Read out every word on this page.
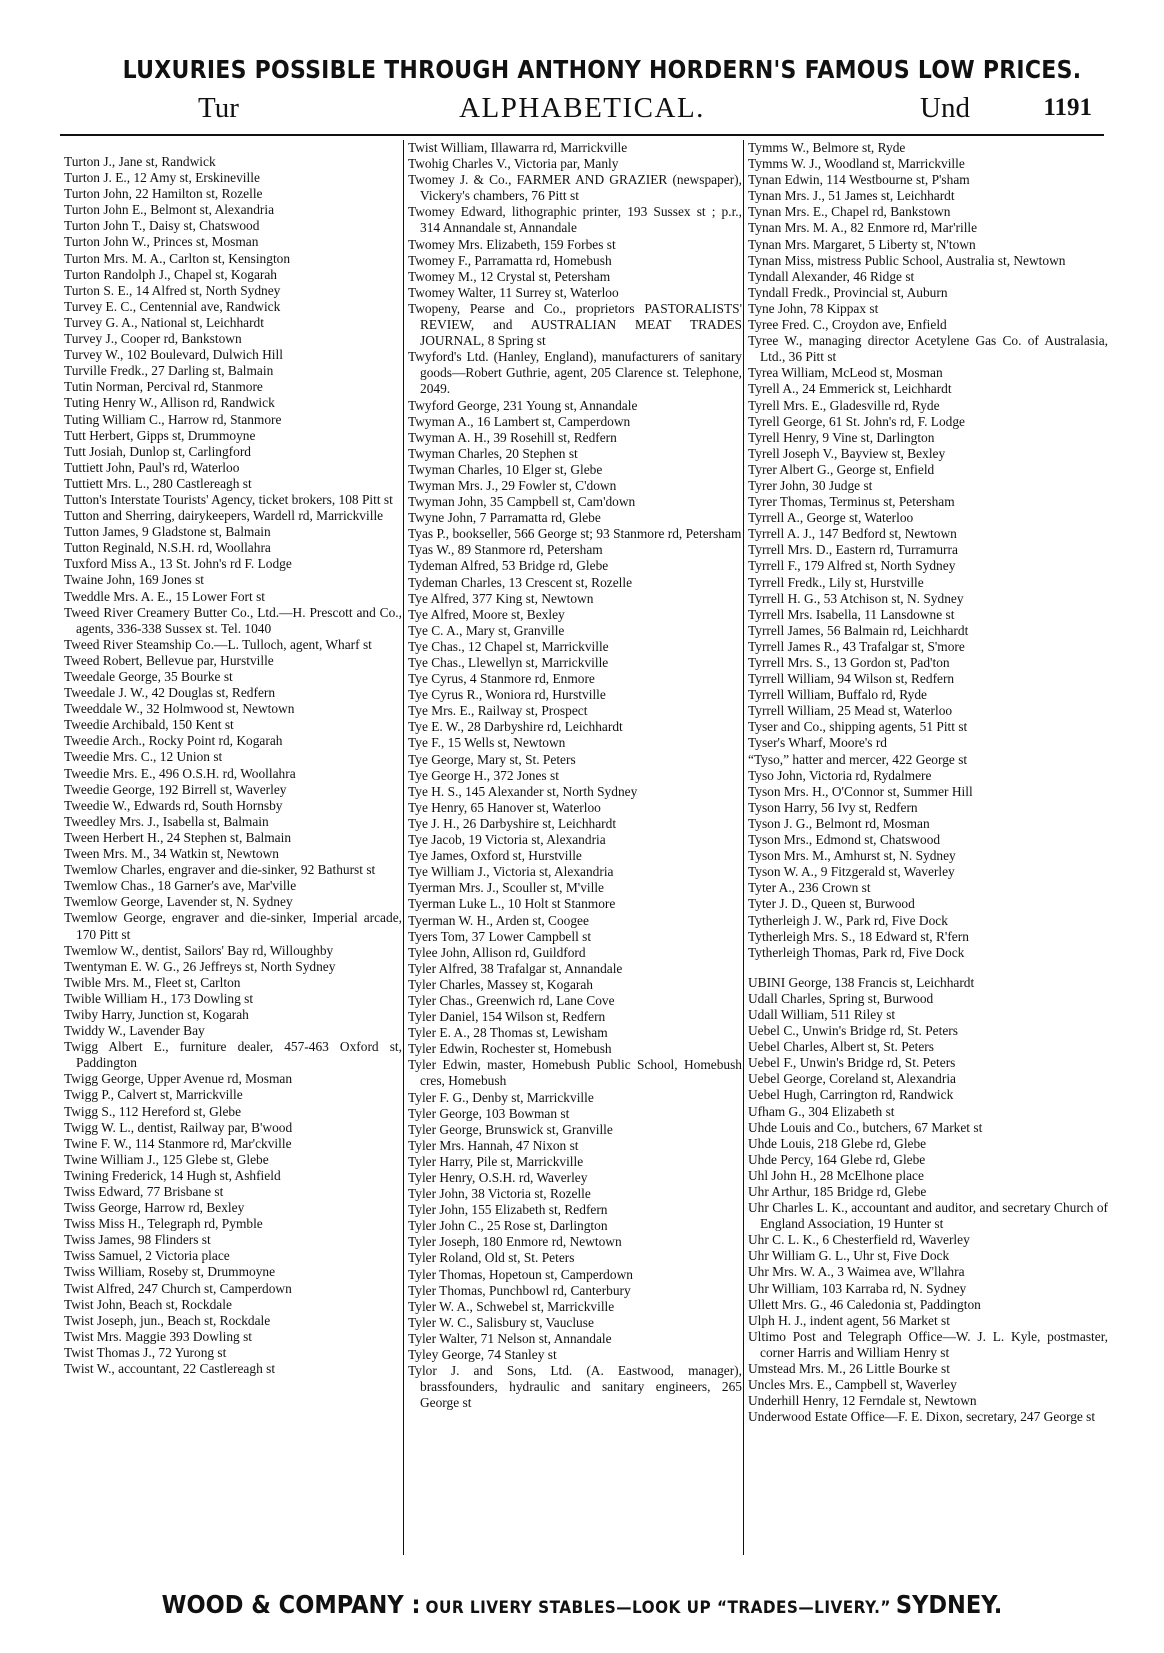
LUXURIES POSSIBLE THROUGH ANTHONY HORDERN'S FAMOUS LOW PRICES.
Tur	ALPHABETICAL.	Und	1191
Turton J., Jane st, Randwick
Turton J. E., 12 Amy st, Erskineville
Turton John, 22 Hamilton st, Rozelle
Turton John E., Belmont st, Alexandria
Turton John T., Daisy st, Chatswood
Turton John W., Princes st, Mosman
Turton Mrs. M. A., Carlton st, Kensington
Turton Randolph J., Chapel st, Kogarah
Turton S. E., 14 Alfred st, North Sydney
Turvey E. C., Centennial ave, Randwick
Turvey G. A., National st, Leichhardt
Turvey J., Cooper rd, Bankstown
Turvey W., 102 Boulevard, Dulwich Hill
Turville Fredk., 27 Darling st, Balmain
Tutin Norman, Percival rd, Stanmore
Tuting Henry W., Allison rd, Randwick
Tuting William C., Harrow rd, Stanmore
Tutt Herbert, Gipps st, Drummoyne
Tutt Josiah, Dunlop st, Carlingford
Tuttiett John, Paul's rd, Waterloo
Tuttiett Mrs. L., 280 Castlereagh st
Tutton's Interstate Tourists' Agency, ticket brokers, 108 Pitt st
Tutton and Sherring, dairykeepers, Wardell rd, Marrickville
Tutton James, 9 Gladstone st, Balmain
Tutton Reginald, N.S.H. rd, Woollahra
Tuxford Miss A., 13 St. John's rd F. Lodge
Twaine John, 169 Jones st
Tweddle Mrs. A. E., 15 Lower Fort st
Tweed River Creamery Butter Co., Ltd.—H. Prescott and Co., agents, 336-338 Sussex st. Tel. 1040
Tweed River Steamship Co.—L. Tulloch, agent, Wharf st
Tweed Robert, Bellevue par, Hurstville
Tweedale George, 35 Bourke st
Tweedale J. W., 42 Douglas st, Redfern
Tweeddale W., 32 Holmwood st, Newtown
Tweedie Archibald, 150 Kent st
Tweedie Arch., Rocky Point rd, Kogarah
Tweedie Mrs. C., 12 Union st
Tweedie Mrs. E., 496 O.S.H. rd, Woollahra
Tweedie George, 192 Birrell st, Waverley
Tweedie W., Edwards rd, South Hornsby
Tweedley Mrs. J., Isabella st, Balmain
Tween Herbert H., 24 Stephen st, Balmain
Tween Mrs. M., 34 Watkin st, Newtown
Twemlow Charles, engraver and die-sinker, 92 Bathurst st
Twemlow Chas., 18 Garner's ave, Mar'ville
Twemlow George, Lavender st, N. Sydney
Twemlow George, engraver and die-sinker, Imperial arcade, 170 Pitt st
Twemlow W., dentist, Sailors' Bay rd, Willoughby
Twentyman E. W. G., 26 Jeffreys st, North Sydney
Twible Mrs. M., Fleet st, Carlton
Twible William H., 173 Dowling st
Twiby Harry, Junction st, Kogarah
Twiddy W., Lavender Bay
Twigg Albert E., furniture dealer, 457-463 Oxford st, Paddington
Twigg George, Upper Avenue rd, Mosman
Twigg P., Calvert st, Marrickville
Twigg S., 112 Hereford st, Glebe
Twigg W. L., dentist, Railway par, B'wood
Twine F. W., 114 Stanmore rd, Mar'ckville
Twine William J., 125 Glebe st, Glebe
Twining Frederick, 14 Hugh st, Ashfield
Twiss Edward, 77 Brisbane st
Twiss George, Harrow rd, Bexley
Twiss Miss H., Telegraph rd, Pymble
Twiss James, 98 Flinders st
Twiss Samuel, 2 Victoria place
Twiss William, Roseby st, Drummoyne
Twist Alfred, 247 Church st, Camperdown
Twist John, Beach st, Rockdale
Twist Joseph, jun., Beach st, Rockdale
Twist Mrs. Maggie 393 Dowling st
Twist Thomas J., 72 Yurong st
Twist W., accountant, 22 Castlereagh st
Twist William, Illawarra rd, Marrickville
Twohig Charles V., Victoria par, Manly
Twomey J. & Co., FARMER AND GRAZIER (newspaper), Vickery's chambers, 76 Pitt st
Twomey Edward, lithographic printer, 193 Sussex st ; p.r., 314 Annandale st, Annandale
Twomey Mrs. Elizabeth, 159 Forbes st
Twomey F., Parramatta rd, Homebush
Twomey M., 12 Crystal st, Petersham
Twomey Walter, 11 Surrey st, Waterloo
Twopeny, Pearse and Co., proprietors PASTORALISTS' REVIEW, and AUSTRALIAN MEAT TRADES JOURNAL, 8 Spring st
Twyford's Ltd. (Hanley, England), manufacturers of sanitary goods—Robert Guthrie, agent, 205 Clarence st. Telephone, 2049.
Twyford George, 231 Young st, Annandale
Twyman A., 16 Lambert st, Camperdown
Twyman A. H., 39 Rosehill st, Redfern
Twyman Charles, 20 Stephen st
Twyman Charles, 10 Elger st, Glebe
Twyman Mrs. J., 29 Fowler st, C'down
Twyman John, 35 Campbell st, Cam'down
Twyne John, 7 Parramatta rd, Glebe
Tyas P., bookseller, 566 George st; 93 Stanmore rd, Petersham
Tyas W., 89 Stanmore rd, Petersham
Tydeman Alfred, 53 Bridge rd, Glebe
Tydeman Charles, 13 Crescent st, Rozelle
Tye Alfred, 377 King st, Newtown
Tye Alfred, Moore st, Bexley
Tye C. A., Mary st, Granville
Tye Chas., 12 Chapel st, Marrickville
Tye Chas., Llewellyn st, Marrickville
Tye Cyrus, 4 Stanmore rd, Enmore
Tye Cyrus R., Woniora rd, Hurstville
Tye Mrs. E., Railway st, Prospect
Tye E. W., 28 Darbyshire rd, Leichhardt
Tye F., 15 Wells st, Newtown
Tye George, Mary st, St. Peters
Tye George H., 372 Jones st
Tye H. S., 145 Alexander st, North Sydney
Tye Henry, 65 Hanover st, Waterloo
Tye J. H., 26 Darbyshire st, Leichhardt
Tye Jacob, 19 Victoria st, Alexandria
Tye James, Oxford st, Hurstville
Tye William J., Victoria st, Alexandria
Tyerman Mrs. J., Scouller st, M'ville
Tyerman Luke L., 10 Holt st Stanmore
Tyerman W. H., Arden st, Coogee
Tyers Tom, 37 Lower Campbell st
Tylee John, Allison rd, Guildford
Tyler Alfred, 38 Trafalgar st, Annandale
Tyler Charles, Massey st, Kogarah
Tyler Chas., Greenwich rd, Lane Cove
Tyler Daniel, 154 Wilson st, Redfern
Tyler E. A., 28 Thomas st, Lewisham
Tyler Edwin, Rochester st, Homebush
Tyler Edwin, master, Homebush Public School, Homebush cres, Homebush
Tyler F. G., Denby st, Marrickville
Tyler George, 103 Bowman st
Tyler George, Brunswick st, Granville
Tyler Mrs. Hannah, 47 Nixon st
Tyler Harry, Pile st, Marrickville
Tyler Henry, O.S.H. rd, Waverley
Tyler John, 38 Victoria st, Rozelle
Tyler John, 155 Elizabeth st, Redfern
Tyler John C., 25 Rose st, Darlington
Tyler Joseph, 180 Enmore rd, Newtown
Tyler Roland, Old st, St. Peters
Tyler Thomas, Hopetoun st, Camperdown
Tyler Thomas, Punchbowl rd, Canterbury
Tyler W. A., Schwebel st, Marrickville
Tyler W. C., Salisbury st, Vaucluse
Tyler Walter, 71 Nelson st, Annandale
Tyley George, 74 Stanley st
Tylor J. and Sons, Ltd. (A. Eastwood, manager), brassfounders, hydraulic and sanitary engineers, 265 George st
Tymms W., Belmore st, Ryde
Tymms W. J., Woodland st, Marrickville
Tynan Edwin, 114 Westbourne st, P'sham
Tynan Mrs. J., 51 James st, Leichhardt
Tynan Mrs. E., Chapel rd, Bankstown
Tynan Mrs. M. A., 82 Enmore rd, Mar'rille
Tynan Mrs. Margaret, 5 Liberty st, N'town
Tynan Miss, mistress Public School, Australia st, Newtown
Tyndall Alexander, 46 Ridge st
Tyndall Fredk., Provincial st, Auburn
Tyne John, 78 Kippax st
Tyree Fred. C., Croydon ave, Enfield
Tyree W., managing director Acetylene Gas Co. of Australasia, Ltd., 36 Pitt st
Tyrea William, McLeod st, Mosman
Tyrell A., 24 Emmerick st, Leichhardt
Tyrell Mrs. E., Gladesville rd, Ryde
Tyrell George, 61 St. John's rd, F. Lodge
Tyrell Henry, 9 Vine st, Darlington
Tyrell Joseph V., Bayview st, Bexley
Tyrer Albert G., George st, Enfield
Tyrer John, 30 Judge st
Tyrer Thomas, Terminus st, Petersham
Tyrrell A., George st, Waterloo
Tyrrell A. J., 147 Bedford st, Newtown
Tyrrell Mrs. D., Eastern rd, Turramurra
Tyrrell F., 179 Alfred st, North Sydney
Tyrrell Fredk., Lily st, Hurstville
Tyrrell H. G., 53 Atchison st, N. Sydney
Tyrrell Mrs. Isabella, 11 Lansdowne st
Tyrrell James, 56 Balmain rd, Leichhardt
Tyrrell James R., 43 Trafalgar st, S'more
Tyrrell Mrs. S., 13 Gordon st, Pad'ton
Tyrrell William, 94 Wilson st, Redfern
Tyrrell William, Buffalo rd, Ryde
Tyrrell William, 25 Mead st, Waterloo
Tyser and Co., shipping agents, 51 Pitt st
Tyser's Wharf, Moore's rd
“Tyso,” hatter and mercer, 422 George st
Tyso John, Victoria rd, Rydalmere
Tyson Mrs. H., O'Connor st, Summer Hill
Tyson Harry, 56 Ivy st, Redfern
Tyson J. G., Belmont rd, Mosman
Tyson Mrs., Edmond st, Chatswood
Tyson Mrs. M., Amhurst st, N. Sydney
Tyson W. A., 9 Fitzgerald st, Waverley
Tyter A., 236 Crown st
Tyter J. D., Queen st, Burwood
Tytherleigh J. W., Park rd, Five Dock
Tytherleigh Mrs. S., 18 Edward st, R'fern
Tytherleigh Thomas, Park rd, Five Dock
UBINI George, 138 Francis st, Leichhardt
Udall Charles, Spring st, Burwood
Udall William, 511 Riley st
Uebel C., Unwin's Bridge rd, St. Peters
Uebel Charles, Albert st, St. Peters
Uebel F., Unwin's Bridge rd, St. Peters
Uebel George, Coreland st, Alexandria
Uebel Hugh, Carrington rd, Randwick
Ufham G., 304 Elizabeth st
Uhde Louis and Co., butchers, 67 Market st
Uhde Louis, 218 Glebe rd, Glebe
Uhde Percy, 164 Glebe rd, Glebe
Uhl John H., 28 McElhone place
Uhr Arthur, 185 Bridge rd, Glebe
Uhr Charles L. K., accountant and auditor, and secretary Church of England Association, 19 Hunter st
Uhr C. L. K., 6 Chesterfield rd, Waverley
Uhr William G. L., Uhr st, Five Dock
Uhr Mrs. W. A., 3 Waimea ave, W'llahra
Uhr William, 103 Karraba rd, N. Sydney
Ullett Mrs. G., 46 Caledonia st, Paddington
Ulph H. J., indent agent, 56 Market st
Ultimo Post and Telegraph Office—W. J. L. Kyle, postmaster, corner Harris and William Henry st
Umstead Mrs. M., 26 Little Bourke st
Uncles Mrs. E., Campbell st, Waverley
Underhill Henry, 12 Ferndale st, Newtown
Underwood Estate Office—F. E. Dixon, secretary, 247 George st
WOOD & COMPANY : OUR LIVERY STABLES—LOOK UP “TRADES—LIVERY.” SYDNEY.
